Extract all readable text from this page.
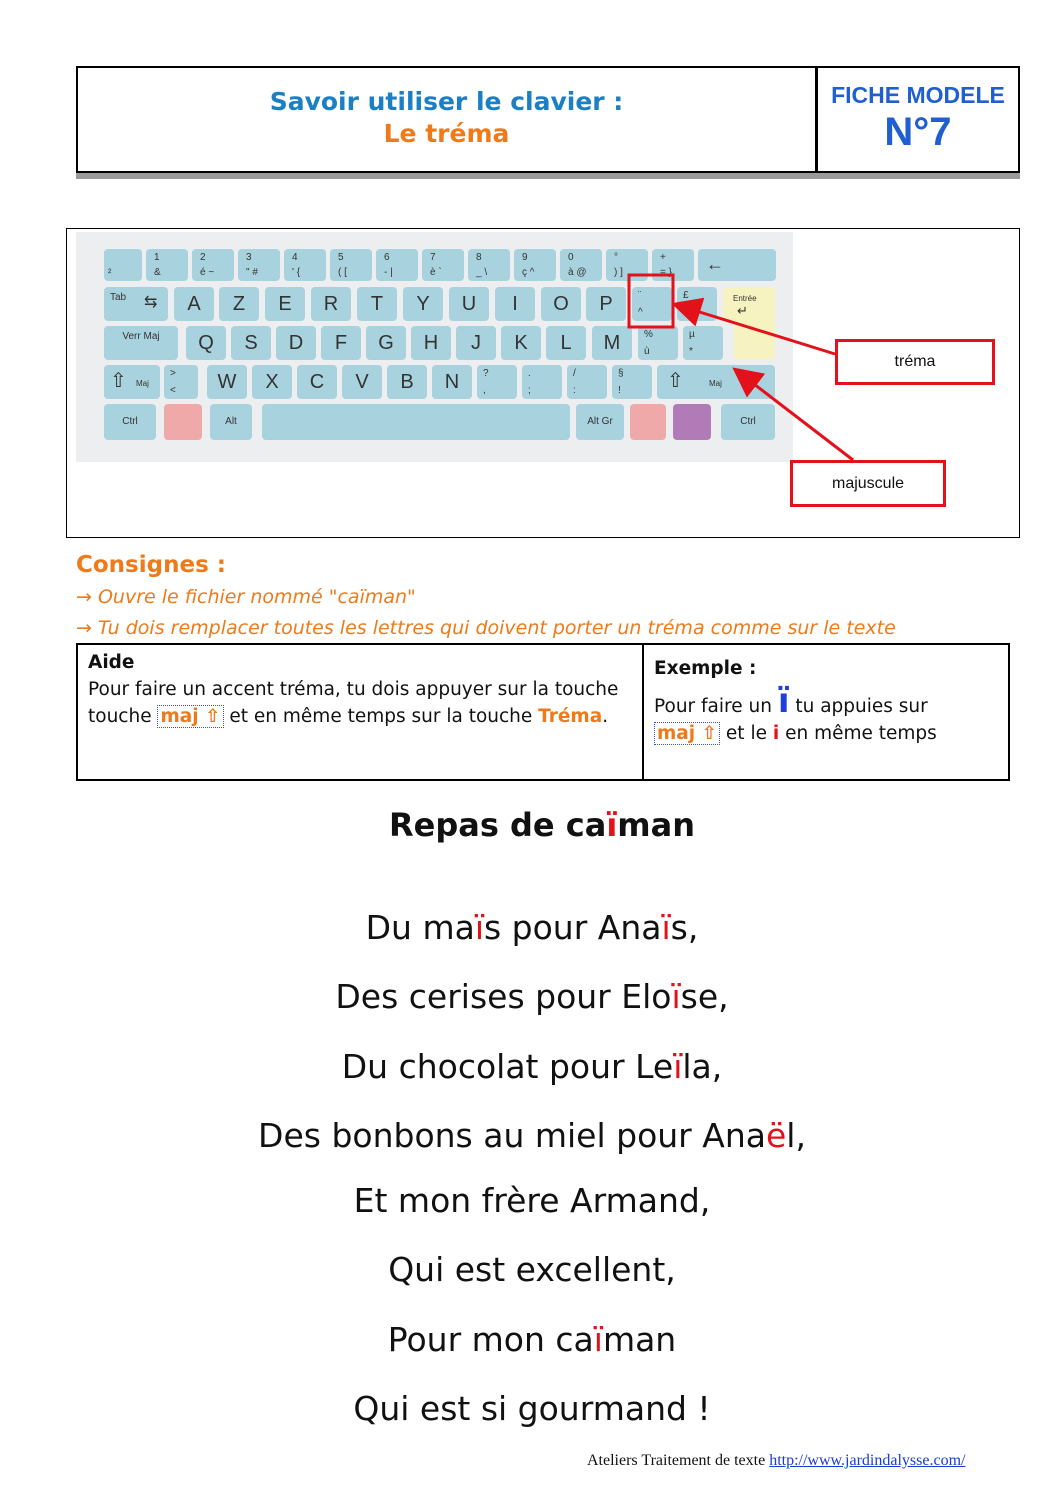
Savoir utiliser le clavier :
Le tréma
FICHE MODELE
N°7
²
1
&
2
é ~
3
" #
4
' {
5
( [
6
- |
7
è `
8
_ \
9
ç ^
0
à @
°
) ]
+
= } ←
Tab ⇆	A	Z	E	R	T	Y	U	I	O	P	¨
^
£
$ ¤
Entrée
↵
Verr Maj	Q	S	D	F	G	H	J	K	L	M	%
ù
µ
*
⇧ Maj
>
<	W	X	C	V	B	N	?
,
.
;
/
:
§
! ⇧	Maj
Ctrl	Alt	Alt Gr	Ctrl
tréma
majuscule
Consignes :
→ Ouvre le fichier nommé "caïman"
→ Tu dois remplacer toutes les lettres qui doivent porter un tréma comme sur le texte
Aide
Pour faire un accent tréma, tu dois appuyer sur la touche touche maj ⇧ et en même temps sur la touche Tréma.
Exemple :
Pour faire un ï tu appuies sur
maj ⇧ et le i en même temps
Repas de caïman
Du maïs pour Anaïs,
Des cerises pour Eloïse,
Du chocolat pour Leïla,
Des bonbons au miel pour Anaël,
Et mon frère Armand,
Qui est excellent,
Pour mon caïman
Qui est si gourmand !
Ateliers Traitement de texte http://www.jardindalysse.com/
